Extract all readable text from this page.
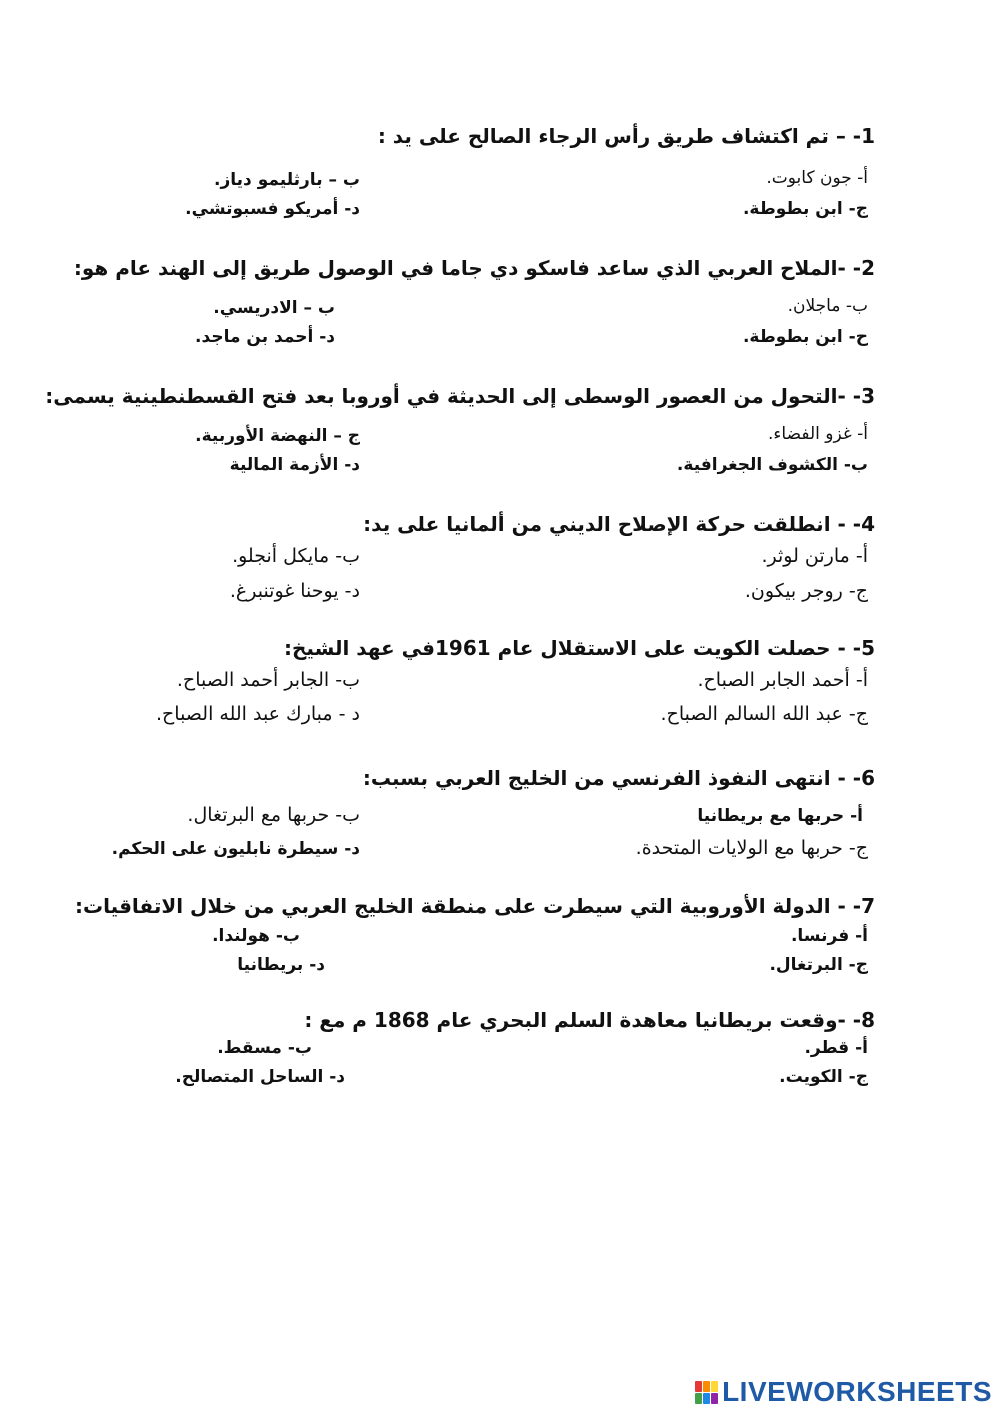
1- – تم اكتشاف طريق رأس الرجاء الصالح على يد :
أ- جون كابوت.
ب – بارثليمو دياز.
ج- ابن بطوطة.
د- أمريكو فسبوتشي.
2- -الملاح العربي الذي ساعد فاسكو دي جاما في الوصول طريق إلى الهند عام هو:
ب- ماجلان.
ب – الادريسي.
ح- ابن بطوطة.
د- أحمد بن ماجد.
3- -التحول من العصور الوسطى إلى الحديثة في أوروبا بعد فتح القسطنطينية يسمى:
أ- غزو الفضاء.
ج – النهضة الأوربية.
ب- الكشوف الجغرافية.
د- الأزمة المالية
4- - انطلقت حركة الإصلاح الديني من ألمانيا على يد:
أ- مارتن لوثر.
ب- مايكل أنجلو.
ج- روجر بيكون.
د- يوحنا غوتنبرغ.
5- - حصلت الكويت على الاستقلال عام 1961في عهد الشيخ:
أ- أحمد الجابر الصباح.
ب- الجابر أحمد الصباح.
ج- عبد الله السالم الصباح.
د - مبارك عبد الله الصباح.
6- - انتهى النفوذ الفرنسي من الخليج العربي بسبب:
أ- حربها مع بريطانيا
ب- حربها مع البرتغال.
ج- حربها مع الولايات المتحدة.
د- سيطرة نابليون على الحكم.
7- - الدولة الأوروبية التي سيطرت على منطقة الخليج العربي من خلال الاتفاقيات:
أ- فرنسا.
ب- هولندا.
ج- البرتغال.
د- بريطانيا
8- -وقعت بريطانيا معاهدة السلم البحري عام 1868 م مع :
أ- قطر.
ب- مسقط.
ج- الكويت.
د- الساحل المتصالح.
LIVEWORKSHEETS
